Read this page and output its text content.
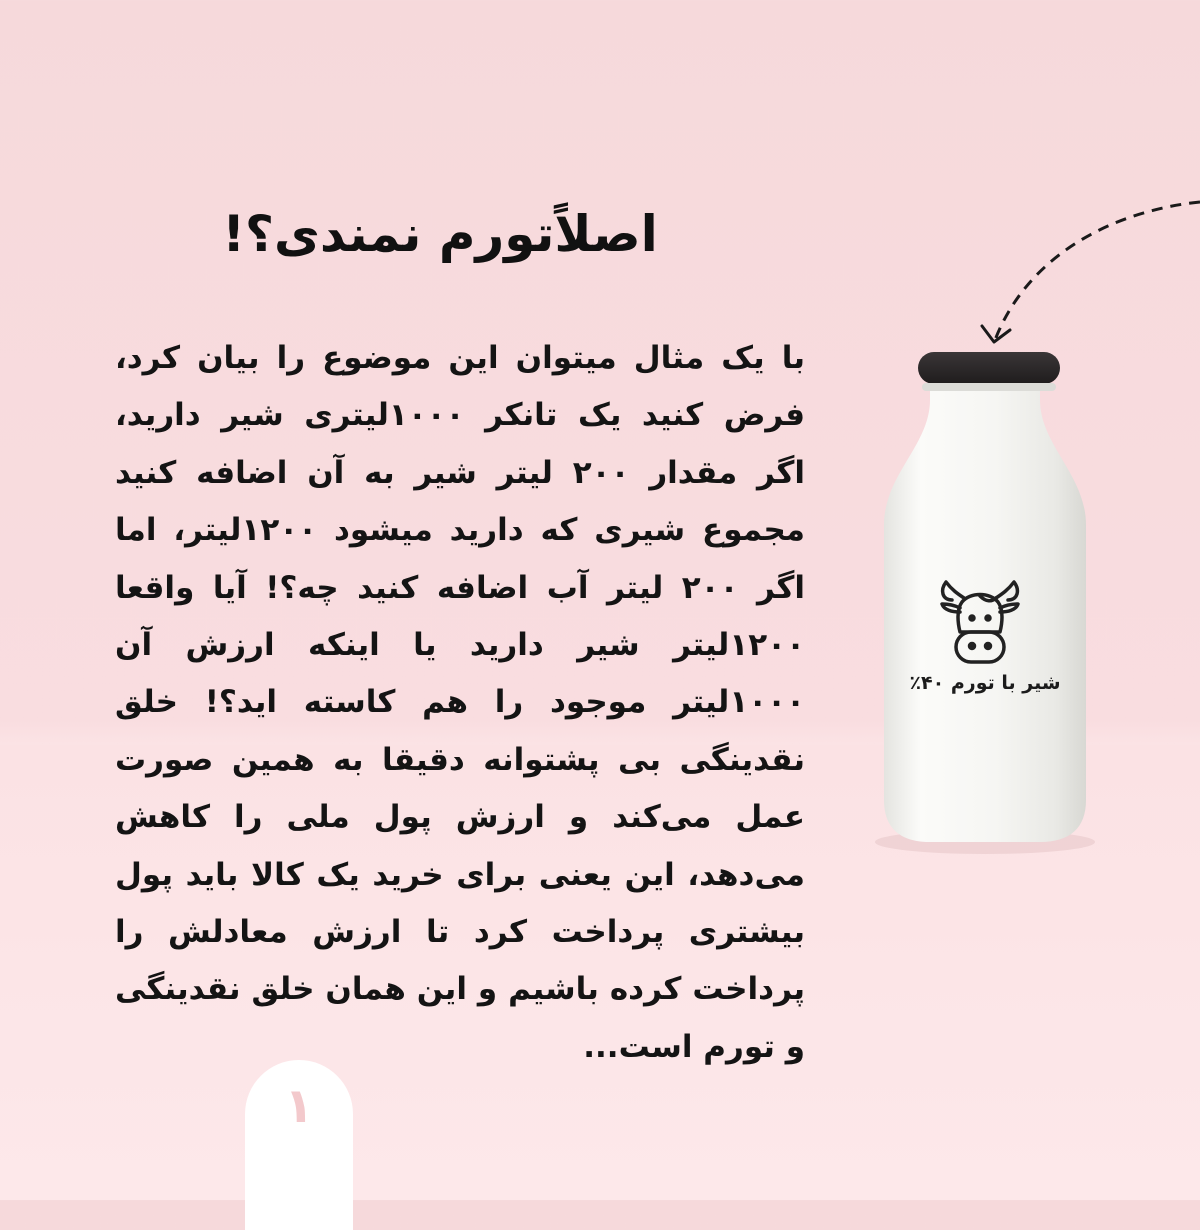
اصلاًتورم نمندی؟!

با یک مثال میتوان این موضوع را بیان کرد، فرض کنید یک تانکر ۱۰۰۰لیتری شیر دارید، اگر مقدار ۲۰۰ لیتر شیر به آن اضافه کنید مجموع شیری که دارید میشود ۱۲۰۰لیتر، اما اگر ۲۰۰ لیتر آب اضافه کنید چه؟! آیا واقعا ۱۲۰۰لیتر شیر دارید یا اینکه ارزش آن ۱۰۰۰لیتر موجود را هم کاسته اید؟! خلق نقدینگی بی پشتوانه دقیقا به همین صورت عمل می‌کند و ارزش پول ملی را کاهش می‌دهد، این یعنی برای خرید یک کالا باید پول بیشتری پرداخت کرد تا ارزش معادلش را پرداخت کرده باشیم و این همان خلق نقدینگی و تورم است...

شیر با تورم ۴۰٪
۱
